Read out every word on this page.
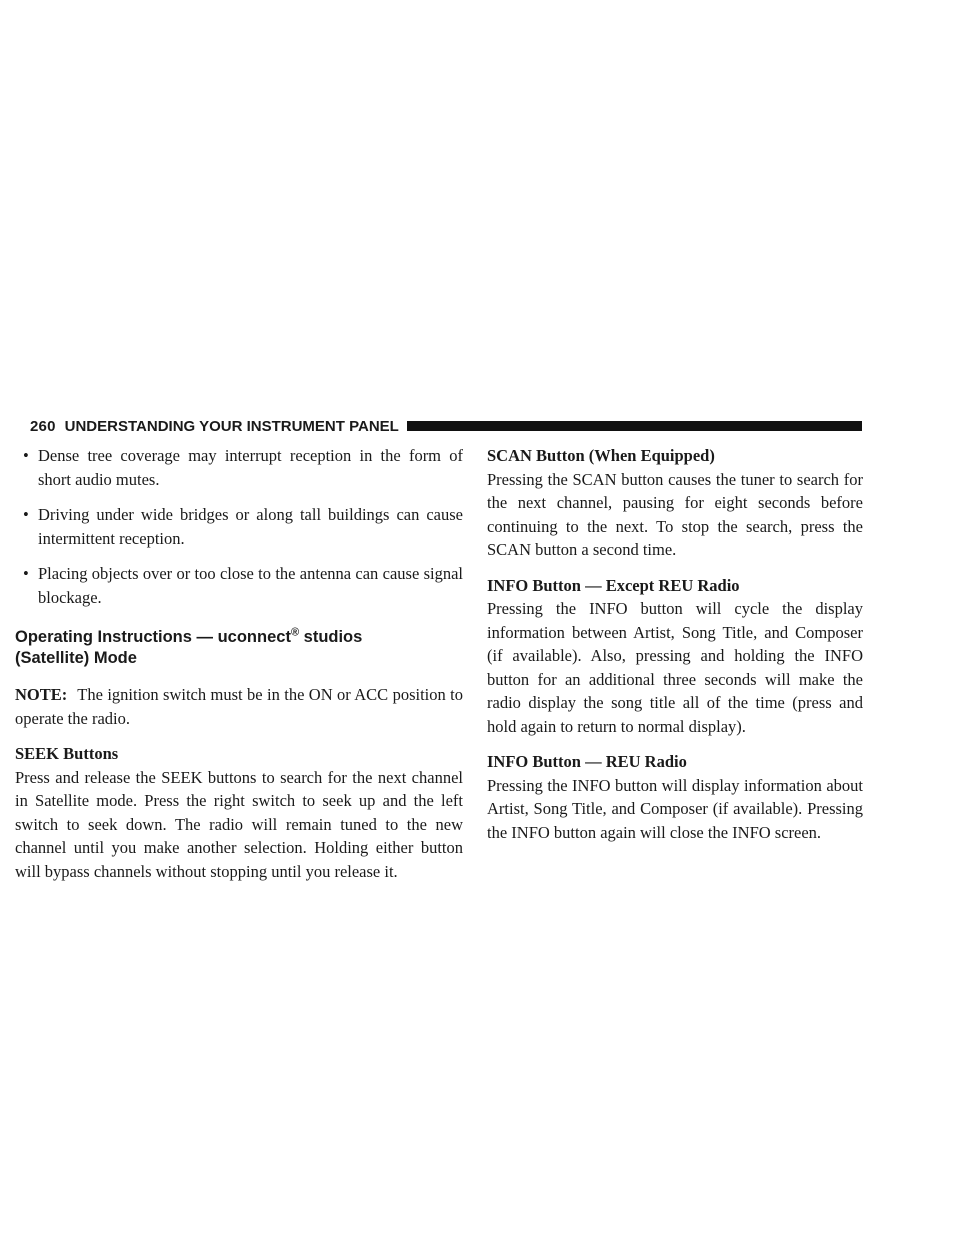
260 UNDERSTANDING YOUR INSTRUMENT PANEL
• Dense tree coverage may interrupt reception in the form of short audio mutes.
• Driving under wide bridges or along tall buildings can cause intermittent reception.
• Placing objects over or too close to the antenna can cause signal blockage.
Operating Instructions — uconnect® studios
(Satellite) Mode

NOTE: The ignition switch must be in the ON or ACC position to operate the radio.

SEEK Buttons

Press and release the SEEK buttons to search for the next channel in Satellite mode. Press the right switch to seek up and the left switch to seek down. The radio will remain tuned to the new channel until you make another selection. Holding either button will bypass channels without stopping until you release it.

SCAN Button (When Equipped)

Pressing the SCAN button causes the tuner to search for the next channel, pausing for eight seconds before continuing to the next. To stop the search, press the SCAN button a second time.

INFO Button — Except REU Radio

Pressing the INFO button will cycle the display information between Artist, Song Title, and Composer (if available). Also, pressing and holding the INFO button for an additional three seconds will make the radio display the song title all of the time (press and hold again to return to normal display).

INFO Button — REU Radio

Pressing the INFO button will display information about Artist, Song Title, and Composer (if available). Pressing the INFO button again will close the INFO screen.
